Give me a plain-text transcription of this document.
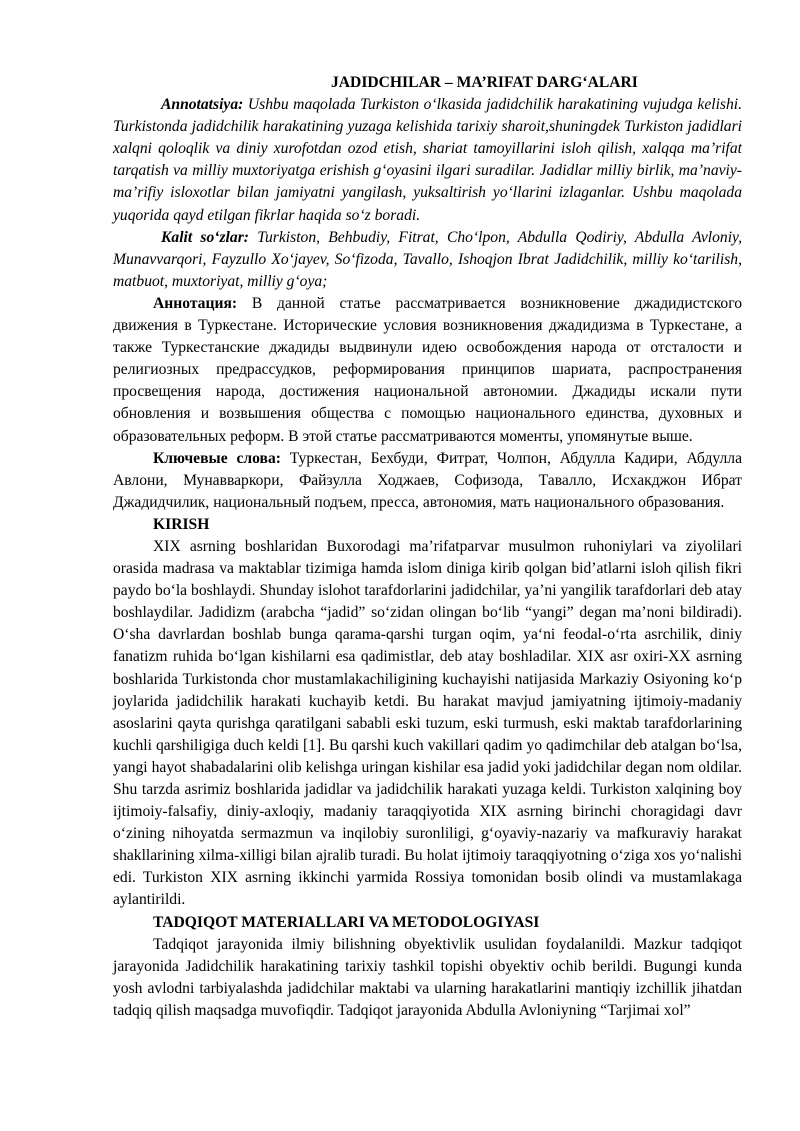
JADIDCHILAR – MA’RIFAT DARG‘ALARI

Annotatsiya: Ushbu maqolada Turkiston o‘lkasida jadidchilik harakatining vujudga kelishi. Turkistonda jadidchilik harakatining yuzaga kelishida tarixiy sharoit,shuningdek Turkiston jadidlari xalqni qoloqlik va diniy xurofotdan ozod etish, shariat tamoyillarini isloh qilish, xalqqa ma’rifat tarqatish va milliy muxtoriyatga erishish g‘oyasini ilgari suradilar. Jadidlar milliy birlik, ma’naviy-ma’rifiy isloxotlar bilan jamiyatni yangilash, yuksaltirish yo‘llarini izlaganlar. Ushbu maqolada yuqorida qayd etilgan fikrlar haqida so‘z boradi.

Kalit so‘zlar: Turkiston, Behbudiy, Fitrat, Cho‘lpon, Abdulla Qodiriy, Abdulla Avloniy, Munavvarqori, Fayzullo Xo‘jayev, So‘fizoda, Tavallo, Ishoqjon Ibrat Jadidchilik, milliy ko‘tarilish, matbuot, muxtoriyat, milliy g‘oya;

Аннотация: В данной статье рассматривается возникновение джадидистского движения в Туркестане. Исторические условия возникновения джадидизма в Туркестане, а также Туркестанские джадиды выдвинули идею освобождения народа от отсталости и религиозных предрассудков, реформирования принципов шариата, распространения просвещения народа, достижения национальной автономии. Джадиды искали пути обновления и возвышения общества с помощью национального единства, духовных и образовательных реформ. В этой статье рассматриваются моменты, упомянутые выше.

Ключевые слова: Туркестан, Бехбуди, Фитрат, Чолпон, Абдулла Кадири, Абдулла Авлони, Мунавваркори, Файзулла Ходжаев, Софизода, Тавалло, Исхакджон Ибрат Джадидчилик, национальный подъем, пресса, автономия, мать национального образования.

KIRISH

XIX asrning boshlaridan Buxorodagi ma’rifatparvar musulmon ruhoniylari va ziyolilari orasida madrasa va maktablar tizimiga hamda islom diniga kirib qolgan bid’atlarni isloh qilish fikri paydo bo‘la boshlaydi. Shunday islohot tarafdorlarini jadidchilar, ya’ni yangilik tarafdorlari deb atay boshlaydilar. Jadidizm (arabcha “jadid” so‘zidan olingan bo‘lib “yangi” degan ma’noni bildiradi). O‘sha davrlardan boshlab bunga qarama-qarshi turgan oqim, ya‘ni feodal-o‘rta asrchilik, diniy fanatizm ruhida bo‘lgan kishilarni esa qadimistlar, deb atay boshladilar. XIX asr oxiri-XX asrning boshlarida Turkistonda chor mustamlakachiligining kuchayishi natijasida Markaziy Osiyoning ko‘p joylarida jadidchilik harakati kuchayib ketdi. Bu harakat mavjud jamiyatning ijtimoiy-madaniy asoslarini qayta qurishga qaratilgani sababli eski tuzum, eski turmush, eski maktab tarafdorlarining kuchli qarshiligiga duch keldi [1]. Bu qarshi kuch vakillari qadim yo qadimchilar deb atalgan bo‘lsa, yangi hayot shabadalarini olib kelishga uringan kishilar esa jadid yoki jadidchilar degan nom oldilar. Shu tarzda asrimiz boshlarida jadidlar va jadidchilik harakati yuzaga keldi. Turkiston xalqining boy ijtimoiy-falsafiy, diniy-axloqiy, madaniy taraqqiyotida XIX asrning birinchi choragidagi davr o‘zining nihoyatda sermazmun va inqilobiy suronliligi, g‘oyaviy-nazariy va mafkuraviy harakat shakllarining xilma-xilligi bilan ajralib turadi. Bu holat ijtimoiy taraqqiyotning o‘ziga xos yo‘nalishi edi. Turkiston XIX asrning ikkinchi yarmida Rossiya tomonidan bosib olindi va mustamlakaga aylantirildi.

TADQIQOT MATERIALLARI VA METODOLOGIYASI

Tadqiqot jarayonida ilmiy bilishning obyektivlik usulidan foydalanildi. Mazkur tadqiqot jarayonida Jadidchilik harakatining tarixiy tashkil topishi obyektiv ochib berildi. Bugungi kunda yosh avlodni tarbiyalashda jadidchilar maktabi va ularning harakatlarini mantiqiy izchillik jihatdan tadqiq qilish maqsadga muvofiqdir. Tadqiqot jarayonida Abdulla Avloniyning “Tarjimai xol”
